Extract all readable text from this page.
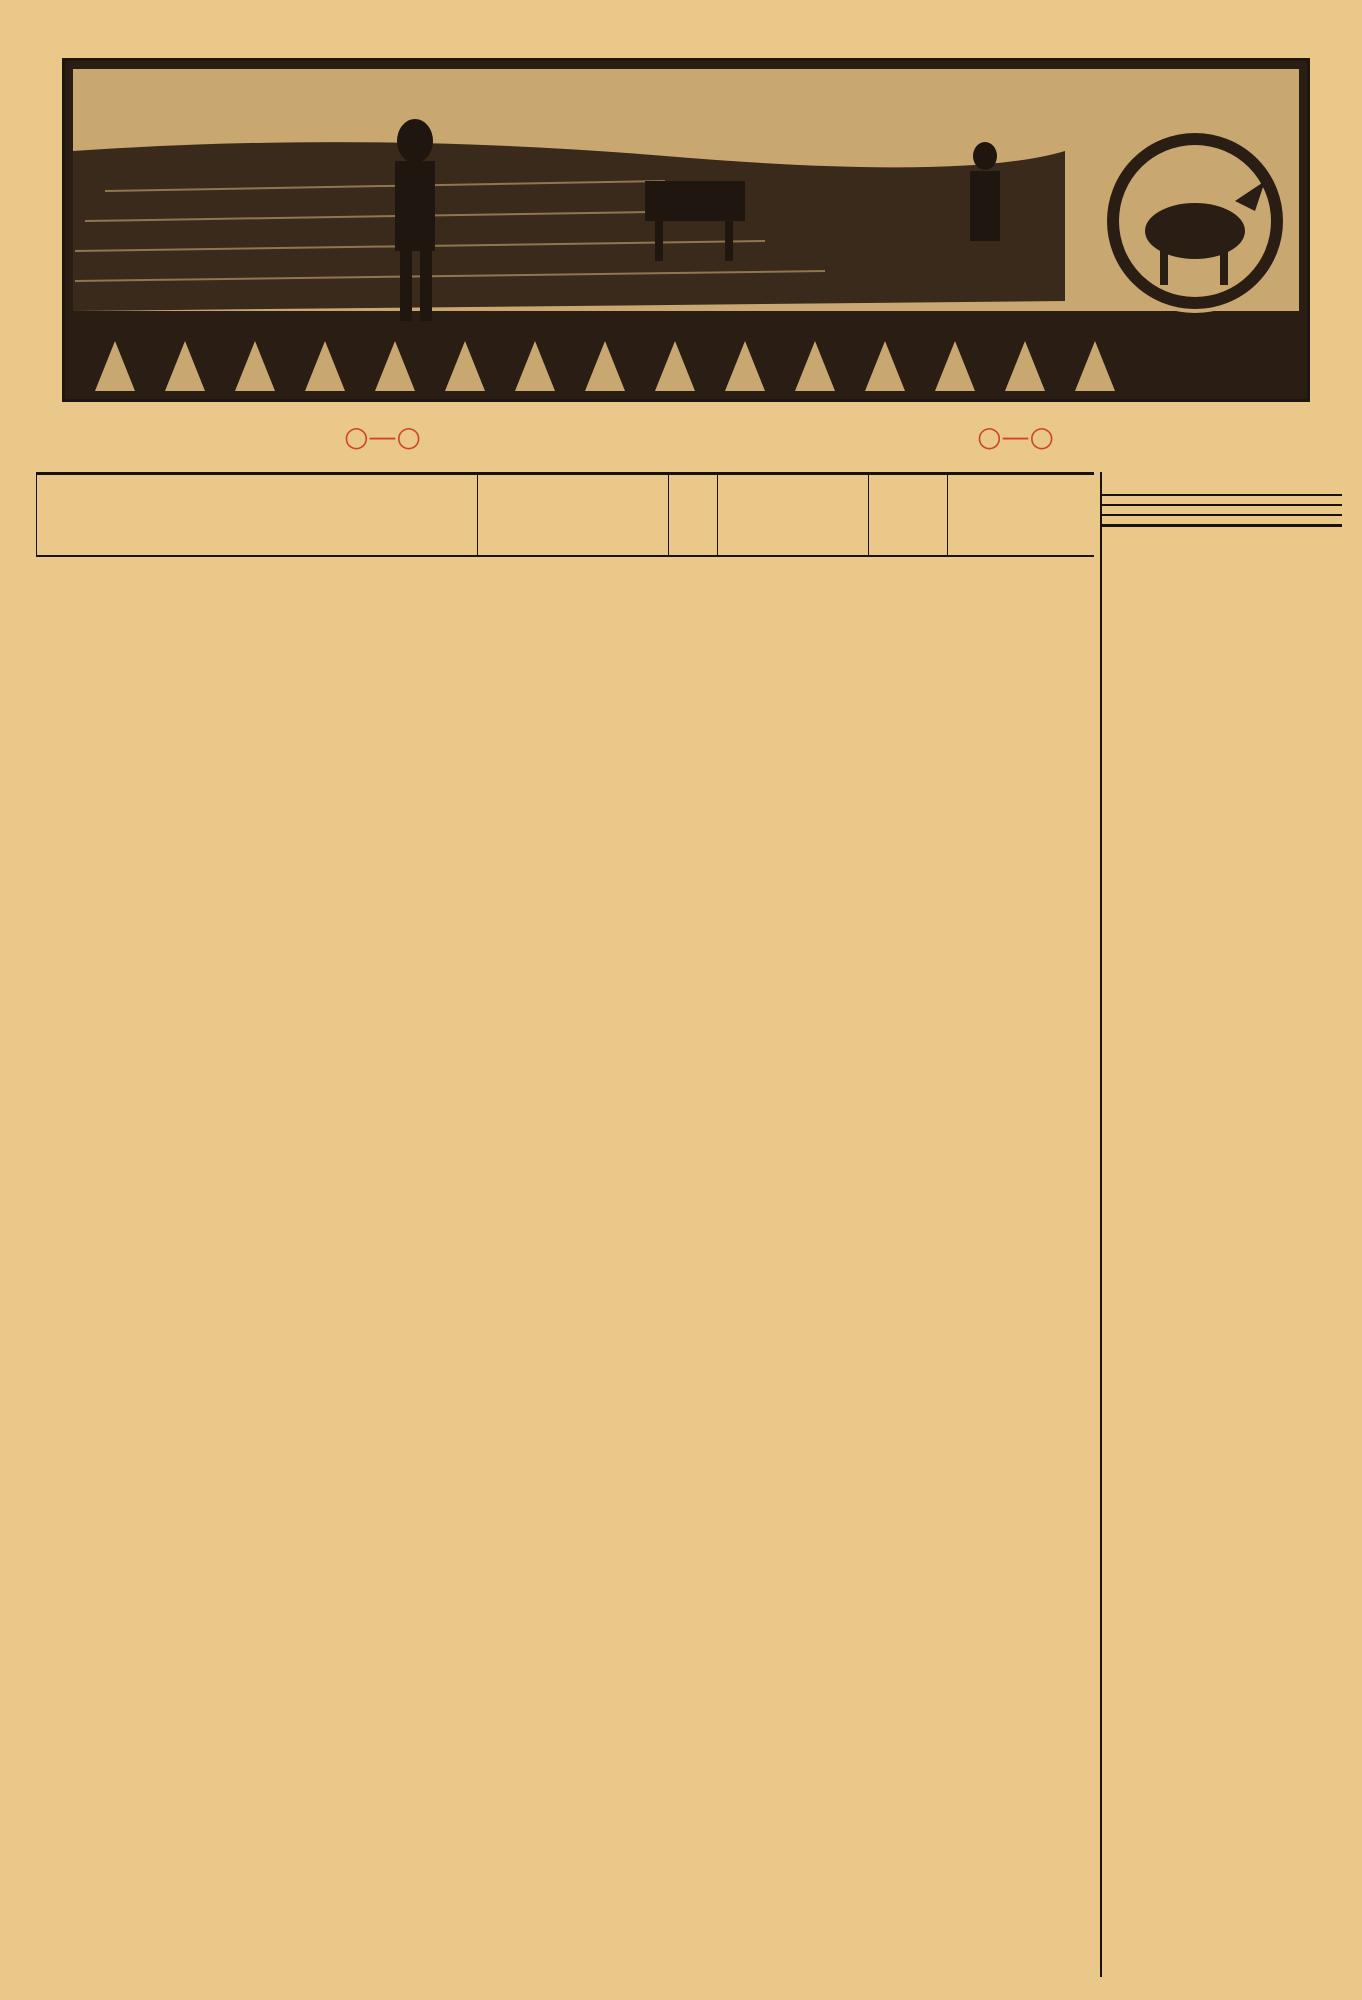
○—○	○—○
